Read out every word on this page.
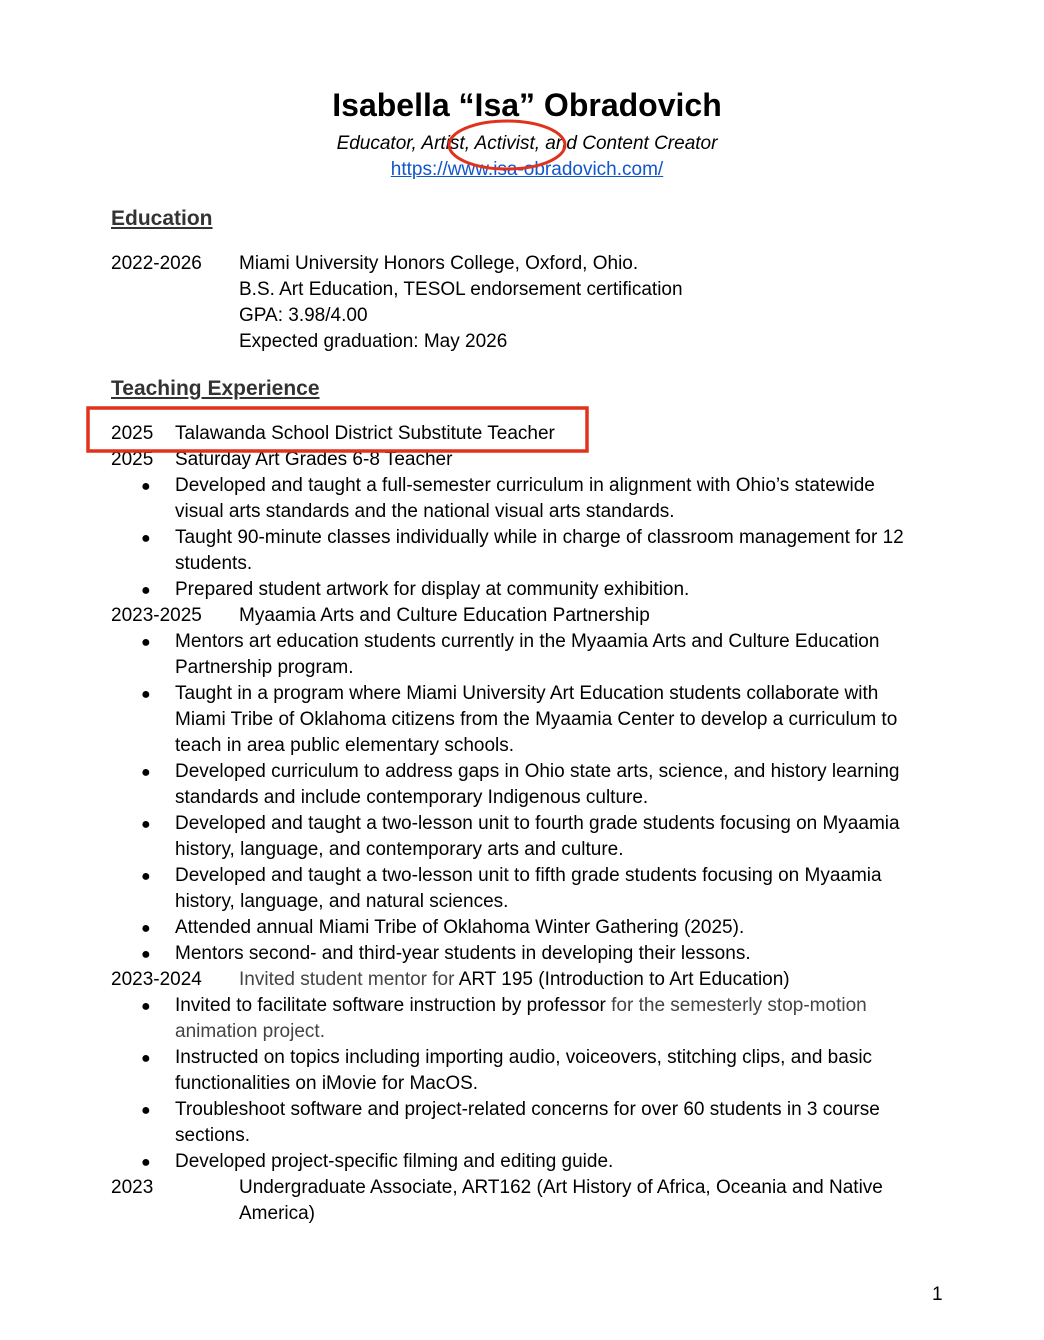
Isabella “Isa” Obradovich
Educator, Artist, Activist, and Content Creator
https://www.isa-obradovich.com/
Education
2022-2026 Miami University Honors College, Oxford, Ohio.
B.S. Art Education, TESOL endorsement certification
GPA: 3.98/4.00
Expected graduation: May 2026
Teaching Experience
2025 Talawanda School District Substitute Teacher
2025 Saturday Art Grades 6-8 Teacher
● Developed and taught a full-semester curriculum in alignment with Ohio’s statewide
visual arts standards and the national visual arts standards.
● Taught 90-minute classes individually while in charge of classroom management for 12
students.
● Prepared student artwork for display at community exhibition.
2023-2025 Myaamia Arts and Culture Education Partnership
● Mentors art education students currently in the Myaamia Arts and Culture Education
Partnership program.
● Taught in a program where Miami University Art Education students collaborate with
Miami Tribe of Oklahoma citizens from the Myaamia Center to develop a curriculum to
teach in area public elementary schools.
● Developed curriculum to address gaps in Ohio state arts, science, and history learning
standards and include contemporary Indigenous culture.
● Developed and taught a two-lesson unit to fourth grade students focusing on Myaamia
history, language, and contemporary arts and culture.
● Developed and taught a two-lesson unit to fifth grade students focusing on Myaamia
history, language, and natural sciences.
● Attended annual Miami Tribe of Oklahoma Winter Gathering (2025).
● Mentors second- and third-year students in developing their lessons.
2023-2024 Invited student mentor for ART 195 (Introduction to Art Education)
● Invited to facilitate software instruction by professor for the semesterly stop-motion
animation project.
● Instructed on topics including importing audio, voiceovers, stitching clips, and basic
functionalities on iMovie for MacOS.
● Troubleshoot software and project-related concerns for over 60 students in 3 course
sections.
● Developed project-specific filming and editing guide.
2023	Undergraduate Associate, ART162 (Art History of Africa, Oceania and Native
America)
1
